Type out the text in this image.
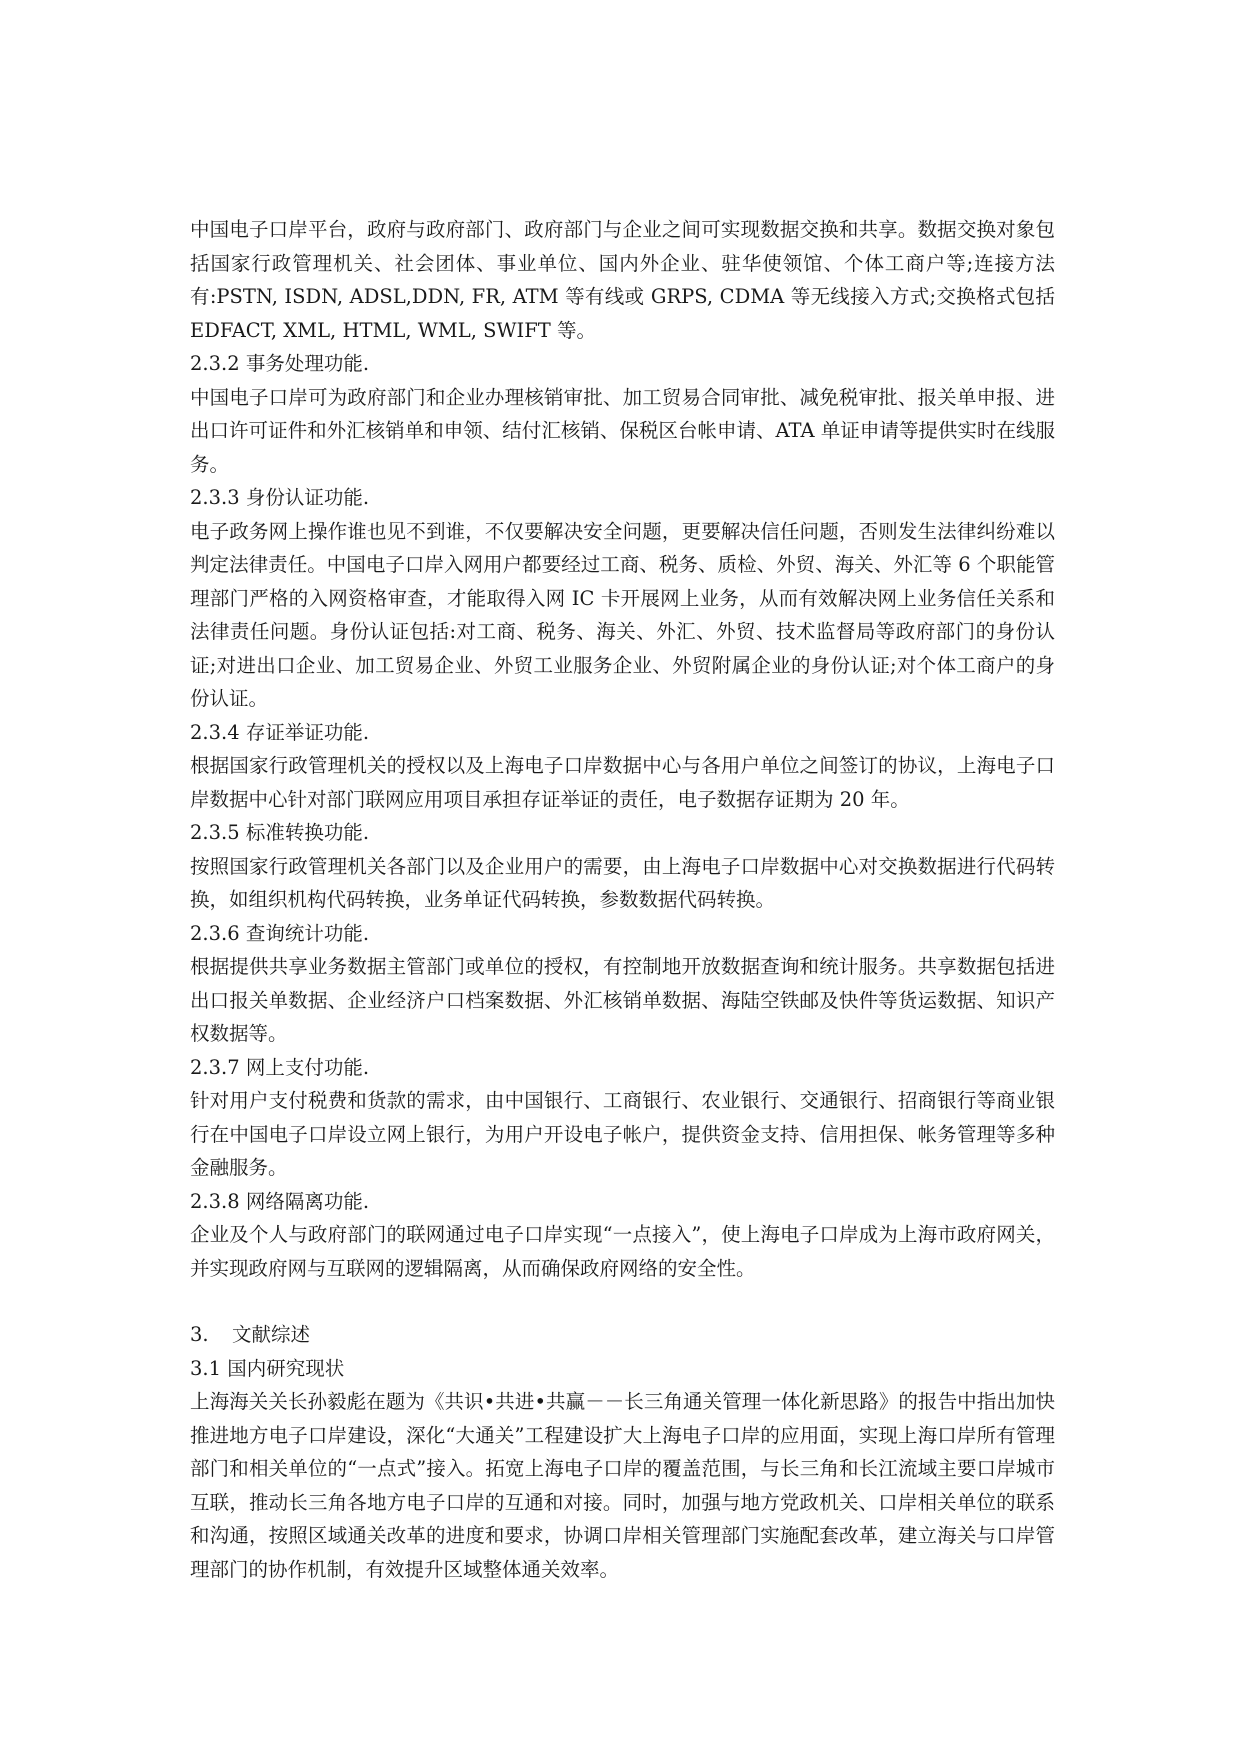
中国电子口岸平台，政府与政府部门、政府部门与企业之间可实现数据交换和共享。数据交换对象包括国家行政管理机关、社会团体、事业单位、国内外企业、驻华使领馆、个体工商户等;连接方法有:PSTN, ISDN, ADSL,DDN, FR, ATM 等有线或 GRPS, CDMA 等无线接入方式;交换格式包括 EDFACT, XML, HTML, WML, SWIFT 等。
2.3.2 事务处理功能.
中国电子口岸可为政府部门和企业办理核销审批、加工贸易合同审批、减免税审批、报关单申报、进出口许可证件和外汇核销单和申领、结付汇核销、保税区台帐申请、ATA 单证申请等提供实时在线服务。
2.3.3 身份认证功能.
电子政务网上操作谁也见不到谁，不仅要解决安全问题，更要解决信任问题，否则发生法律纠纷难以判定法律责任。中国电子口岸入网用户都要经过工商、税务、质检、外贸、海关、外汇等 6 个职能管理部门严格的入网资格审查，才能取得入网 IC 卡开展网上业务，从而有效解决网上业务信任关系和法律责任问题。身份认证包括:对工商、税务、海关、外汇、外贸、技术监督局等政府部门的身份认证;对进出口企业、加工贸易企业、外贸工业服务企业、外贸附属企业的身份认证;对个体工商户的身份认证。
2.3.4 存证举证功能.
根据国家行政管理机关的授权以及上海电子口岸数据中心与各用户单位之间签订的协议，上海电子口岸数据中心针对部门联网应用项目承担存证举证的责任，电子数据存证期为 20 年。
2.3.5 标准转换功能.
按照国家行政管理机关各部门以及企业用户的需要，由上海电子口岸数据中心对交换数据进行代码转换，如组织机构代码转换，业务单证代码转换，参数数据代码转换。
2.3.6 查询统计功能.
根据提供共享业务数据主管部门或单位的授权，有控制地开放数据查询和统计服务。共享数据包括进出口报关单数据、企业经济户口档案数据、外汇核销单数据、海陆空铁邮及快件等货运数据、知识产权数据等。
2.3.7 网上支付功能.
针对用户支付税费和货款的需求，由中国银行、工商银行、农业银行、交通银行、招商银行等商业银行在中国电子口岸设立网上银行，为用户开设电子帐户，提供资金支持、信用担保、帐务管理等多种金融服务。
2.3.8 网络隔离功能.
企业及个人与政府部门的联网通过电子口岸实现“一点接入”，使上海电子口岸成为上海市政府网关，并实现政府网与互联网的逻辑隔离，从而确保政府网络的安全性。
3. 文献综述
3.1 国内研究现状
上海海关关长孙毅彪在题为《共识•共进•共赢－－长三角通关管理一体化新思路》的报告中指出加快推进地方电子口岸建设，深化“大通关”工程建设扩大上海电子口岸的应用面，实现上海口岸所有管理部门和相关单位的“一点式”接入。拓宽上海电子口岸的覆盖范围，与长三角和长江流域主要口岸城市互联，推动长三角各地方电子口岸的互通和对接。同时，加强与地方党政机关、口岸相关单位的联系和沟通，按照区域通关改革的进度和要求，协调口岸相关管理部门实施配套改革，建立海关与口岸管理部门的协作机制，有效提升区域整体通关效率。
